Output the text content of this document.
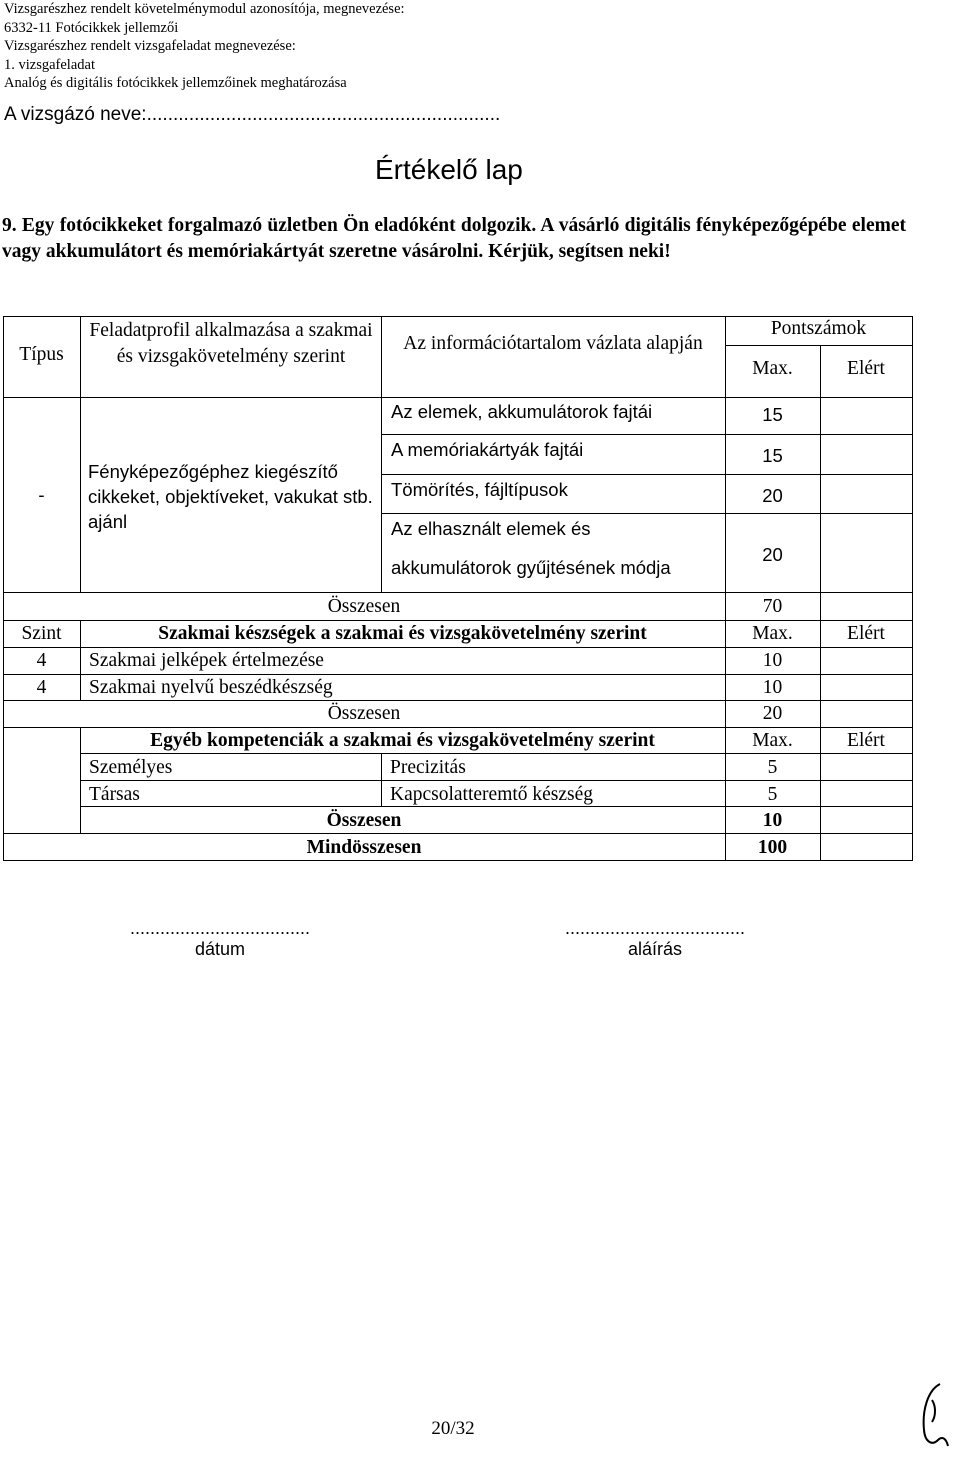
Vizsgarészhez rendelt követelménymodul azonosítója, megnevezése:
6332-11 Fotócikkek jellemzői
Vizsgarészhez rendelt vizsgafeladat megnevezése:
1. vizsgafeladat
Analóg és digitális fotócikkek jellemzőinek meghatározása
A vizsgázó neve:...................................................................
Értékelő lap
9. Egy fotócikkeket forgalmazó üzletben Ön eladóként dolgozik. A vásárló digitális fényképezőgépébe elemet vagy akkumulátort és memóriakártyát szeretne vásárolni. Kérjük, segítsen neki!
Típus
Feladatprofil alkalmazása a szakmai és vizsgakövetelmény szerint
Az információtartalom vázlata alapján
Pontszámok
Max.	Elért
-
Fényképezőgéphez kiegészítő cikkeket, objektíveket, vakukat stb. ajánl
Az elemek, akkumulátorok fajtái	15
A memóriakártyák fajtái	15
Tömörítés, fájltípusok	20
Az elhasznált elemek és
akkumulátorok gyűjtésének módja
20
Összesen	70
Szint	Szakmai készségek a szakmai és vizsgakövetelmény szerint	Max.	Elért
4	Szakmai jelképek értelmezése	10
4	Szakmai nyelvű beszédkészség	10
Összesen	20
Egyéb kompetenciák a szakmai és vizsgakövetelmény szerint	Max.	Elért
Személyes	Precizitás	5
Társas	Kapcsolatteremtő készség	5
Összesen	10
Mindösszesen	100
....................................
dátum
....................................
aláírás
20/32
